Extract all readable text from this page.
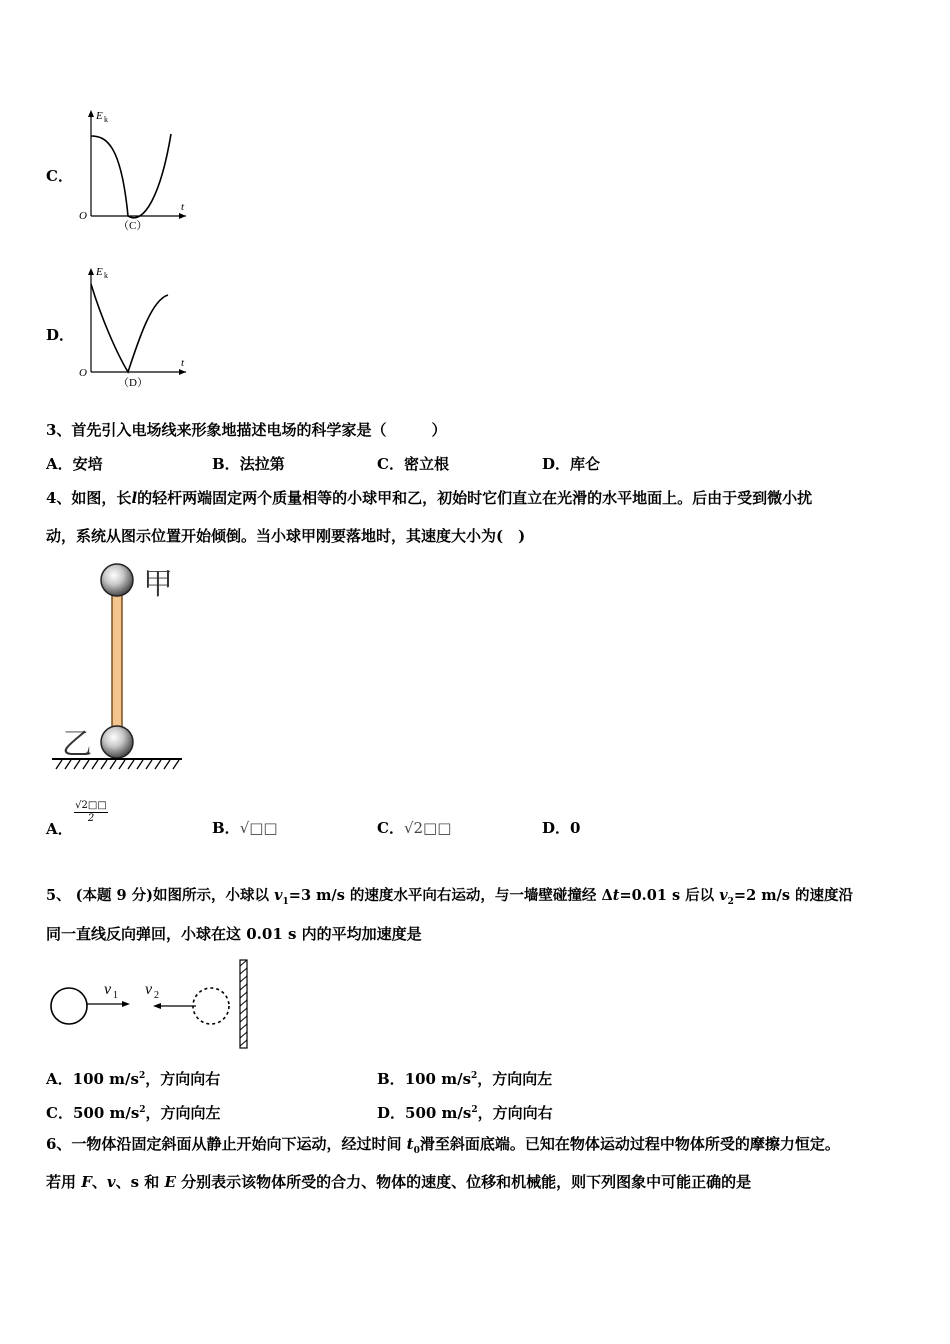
C．
E k
t
O
（C）
D．
E k
t
O
（D）
3、首先引入电场线来形象地描述电场的科学家是（　　　）
A．安培	B．法拉第	C．密立根	D．库仑
4、如图，长l的轻杆两端固定两个质量相等的小球甲和乙，初始时它们直立在光滑的水平地面上。后由于受到微小扰
动，系统从图示位置开始倾倒。当小球甲刚要落地时，其速度大小为(　)
甲
乙
A．
$\frac{√2□□}{2}$
B．√□□	C．√2□□	D．0
5、 (本题 9 分)如图所示，小球以 $v_1=3$ m/s 的速度水平向右运动，与一墙壁碰撞经 Δt=0.01 s 后以 $v_2=2$ m/s 的速度沿
同一直线反向弹回，小球在这 0.01 s 内的平均加速度是
v 1 v 2
A．100 $m/s^2$，方向向右	B．100 $m/s^2$，方向向左
C．500 $m/s^2$，方向向左	D．500 $m/s^2$，方向向右
6、一物体沿固定斜面从静止开始向下运动，经过时间 $t_0$滑至斜面底端。已知在物体运动过程中物体所受的摩擦力恒定。
若用 F、v、s 和 E 分别表示该物体所受的合力、物体的速度、位移和机械能，则下列图象中可能正确的是
